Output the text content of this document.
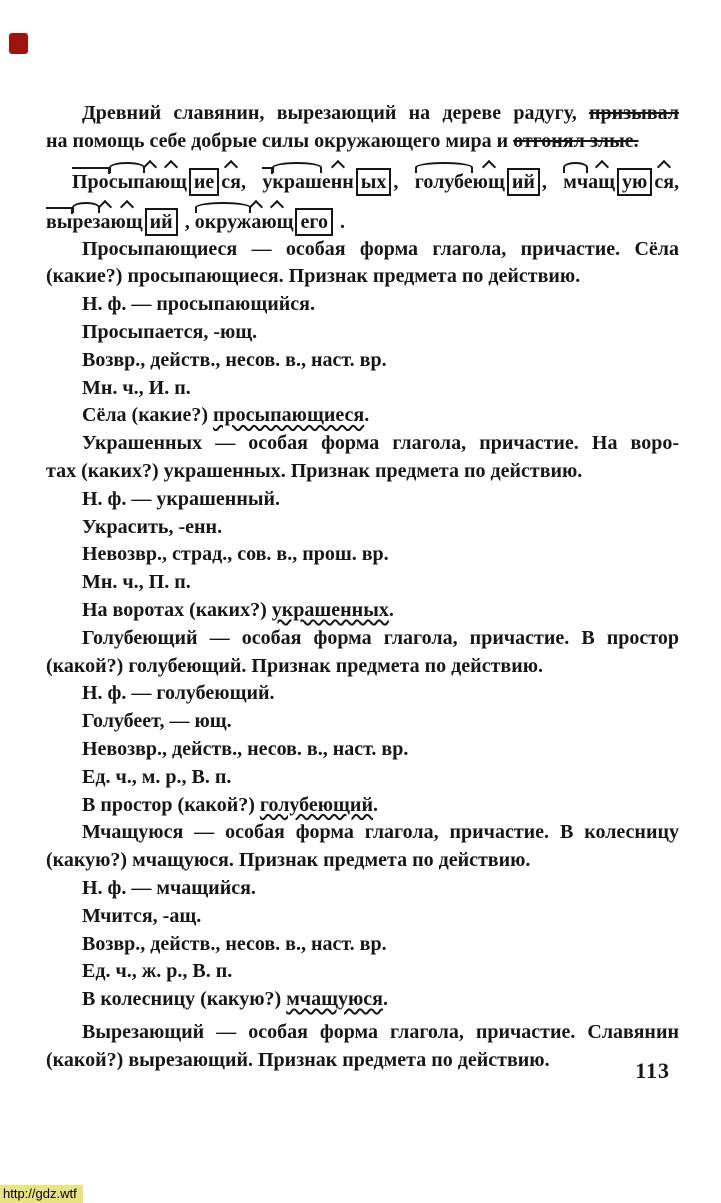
Древний славянин, вырезающий на дереве радугу, призывал
на помощь себе добрые силы окружающего мира и отгонял злые.
Просыпающ ие ся, украшенн ых , голубеющ ий , мчащ ую ся,
вырезающ ий , окружающ его .
Просыпающиеся — особая форма глагола, причастие. Сёла
(какие?) просыпающиеся. Признак предмета по действию.
Н. ф. — просыпающийся.
Просыпается, -ющ.
Возвр., действ., несов. в., наст. вр.
Мн. ч., И. п.
Сёла (какие?) просыпающиеся.
Украшенных — особая форма глагола, причастие. На воро-
тах (каких?) украшенных. Признак предмета по действию.
Н. ф. — украшенный.
Украсить, -енн.
Невозвр., страд., сов. в., прош. вр.
Мн. ч., П. п.
На воротах (каких?) украшенных.
Голубеющий — особая форма глагола, причастие. В простор
(какой?) голубеющий. Признак предмета по действию.
Н. ф. — голубеющий.
Голубеет, — ющ.
Невозвр., действ., несов. в., наст. вр.
Ед. ч., м. р., В. п.
В простор (какой?) голубеющий.
Мчащуюся — особая форма глагола, причастие. В колесницу
(какую?) мчащуюся. Признак предмета по действию.
Н. ф. — мчащийся.
Мчится, -ащ.
Возвр., действ., несов. в., наст. вр.
Ед. ч., ж. р., В. п.
В колесницу (какую?) мчащуюся.
Вырезающий — особая форма глагола, причастие. Славянин
(какой?) вырезающий. Признак предмета по действию.	113
http://gdz.wtf
